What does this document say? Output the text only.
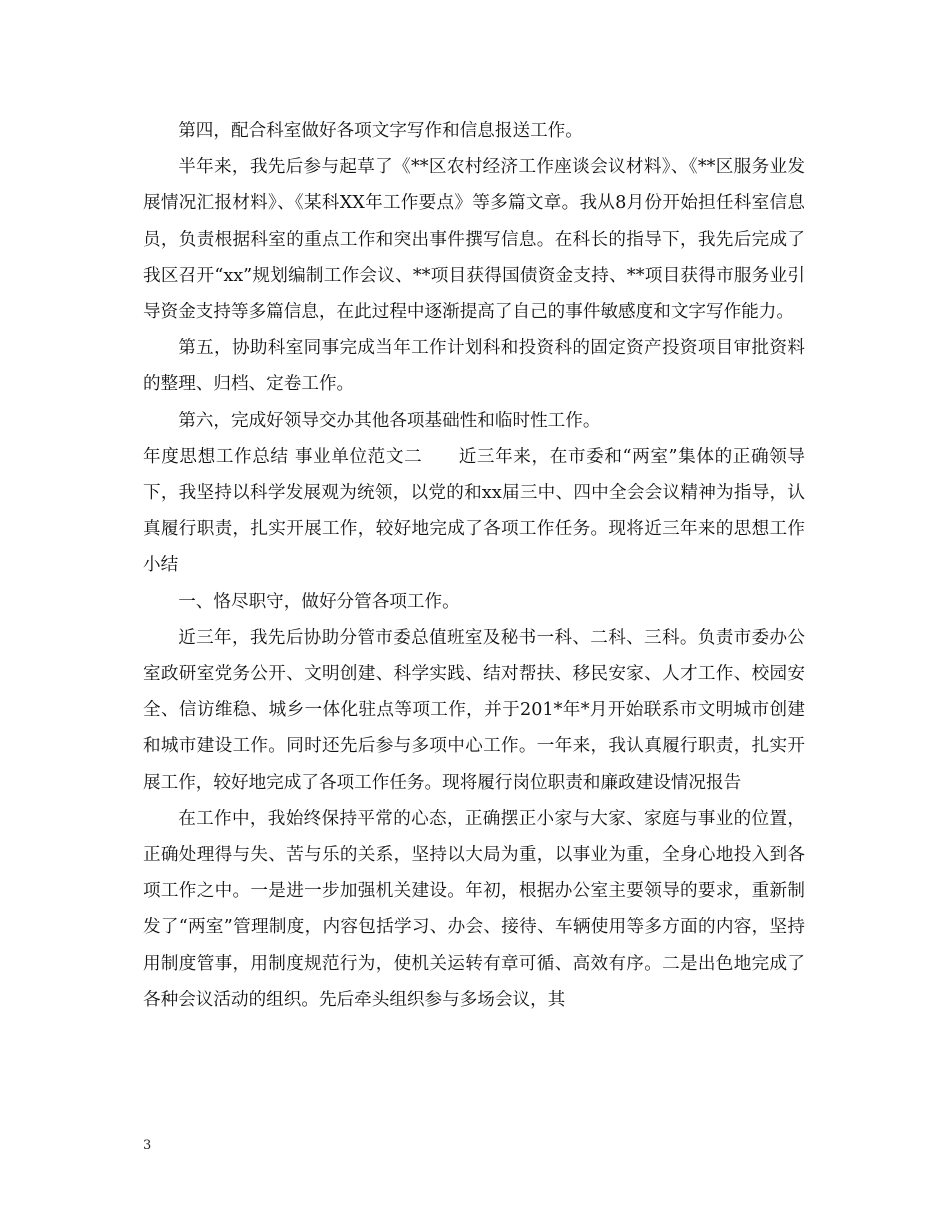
第四，配合科室做好各项文字写作和信息报送工作。

半年来，我先后参与起草了《**区农村经济工作座谈会议材料》、《**区服务业发展情况汇报材料》、《某科XX年工作要点》等多篇文章。我从8月份开始担任科室信息员，负责根据科室的重点工作和突出事件撰写信息。在科长的指导下，我先后完成了我区召开“xx”规划编制工作会议、**项目获得国债资金支持、**项目获得市服务业引导资金支持等多篇信息，在此过程中逐渐提高了自己的事件敏感度和文字写作能力。

第五，协助科室同事完成当年工作计划科和投资科的固定资产投资项目审批资料的整理、归档、定卷工作。

第六，完成好领导交办其他各项基础性和临时性工作。

年度思想工作总结 事业单位范文二　　近三年来，在市委和“两室”集体的正确领导下，我坚持以科学发展观为统领，以党的和xx届三中、四中全会会议精神为指导，认真履行职责，扎实开展工作，较好地完成了各项工作任务。现将近三年来的思想工作小结

一、恪尽职守，做好分管各项工作。

近三年，我先后协助分管市委总值班室及秘书一科、二科、三科。负责市委办公室政研室党务公开、文明创建、科学实践、结对帮扶、移民安家、人才工作、校园安全、信访维稳、城乡一体化驻点等项工作，并于201*年*月开始联系市文明城市创建和城市建设工作。同时还先后参与多项中心工作。一年来，我认真履行职责，扎实开展工作，较好地完成了各项工作任务。现将履行岗位职责和廉政建设情况报告

在工作中，我始终保持平常的心态，正确摆正小家与大家、家庭与事业的位置，正确处理得与失、苦与乐的关系，坚持以大局为重，以事业为重，全身心地投入到各项工作之中。一是进一步加强机关建设。年初，根据办公室主要领导的要求，重新制发了“两室”管理制度，内容包括学习、办会、接待、车辆使用等多方面的内容，坚持用制度管事，用制度规范行为，使机关运转有章可循、高效有序。二是出色地完成了各种会议活动的组织。先后牵头组织参与多场会议，其

3
